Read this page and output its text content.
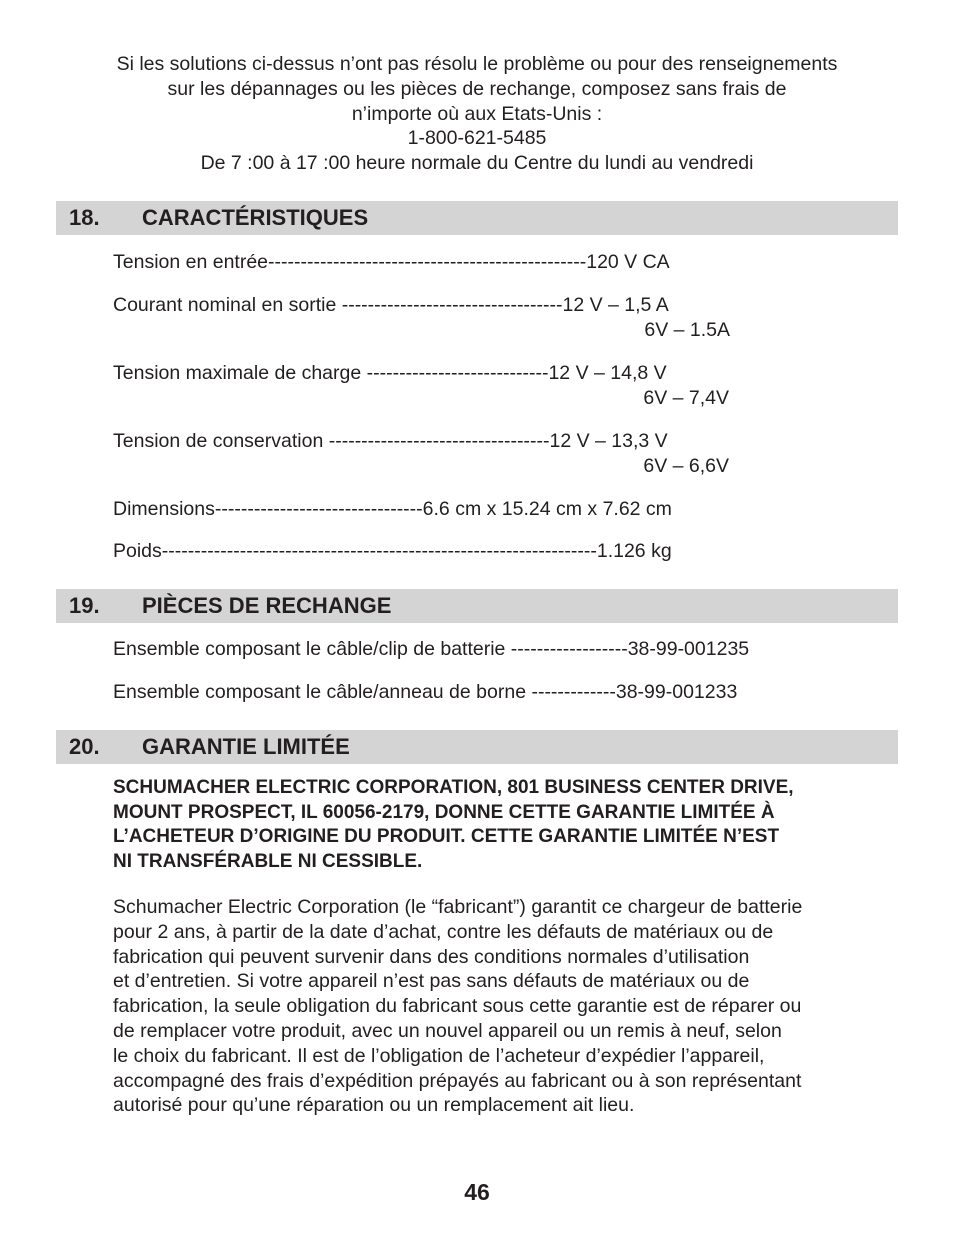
Si les solutions ci-dessus n’ont pas résolu le problème ou pour des renseignements
sur les dépannages ou les pièces de rechange, composez sans frais de
n’importe où aux Etats-Unis :
1-800-621-5485
De 7 :00 à 17 :00 heure normale du Centre du lundi au vendredi
18. CARACTÉRISTIQUES
Tension en entrée-------------------------------------------------120 V CA
Courant nominal en sortie ----------------------------------12 V – 1,5 A
6V – 1.5A
Tension maximale de charge ----------------------------12 V – 14,8 V
6V – 7,4V
Tension de conservation ----------------------------------12 V – 13,3 V
6V – 6,6V
Dimensions--------------------------------6.6 cm x 15.24 cm x 7.62 cm
Poids-------------------------------------------------------------------1.126 kg
19. PIÈCES DE RECHANGE
Ensemble composant le câble/clip de batterie ------------------38-99-001235
Ensemble composant le câble/anneau de borne -------------38-99-001233
20. GARANTIE LIMITÉE
SCHUMACHER ELECTRIC CORPORATION, 801 BUSINESS CENTER DRIVE,
MOUNT PROSPECT, IL 60056-2179, DONNE CETTE GARANTIE LIMITÉE À
L’ACHETEUR D’ORIGINE DU PRODUIT. CETTE GARANTIE LIMITÉE N’EST
NI TRANSFÉRABLE NI CESSIBLE.
Schumacher Electric Corporation (le “fabricant”) garantit ce chargeur de batterie
pour 2 ans, à partir de la date d’achat, contre les défauts de matériaux ou de
fabrication qui peuvent survenir dans des conditions normales d’utilisation
et d’entretien. Si votre appareil n’est pas sans défauts de matériaux ou de
fabrication, la seule obligation du fabricant sous cette garantie est de réparer ou
de remplacer votre produit, avec un nouvel appareil ou un remis à neuf, selon
le choix du fabricant. Il est de l’obligation de l’acheteur d’expédier l’appareil,
accompagné des frais d’expédition prépayés au fabricant ou à son représentant
autorisé pour qu’une réparation ou un remplacement ait lieu.
46
